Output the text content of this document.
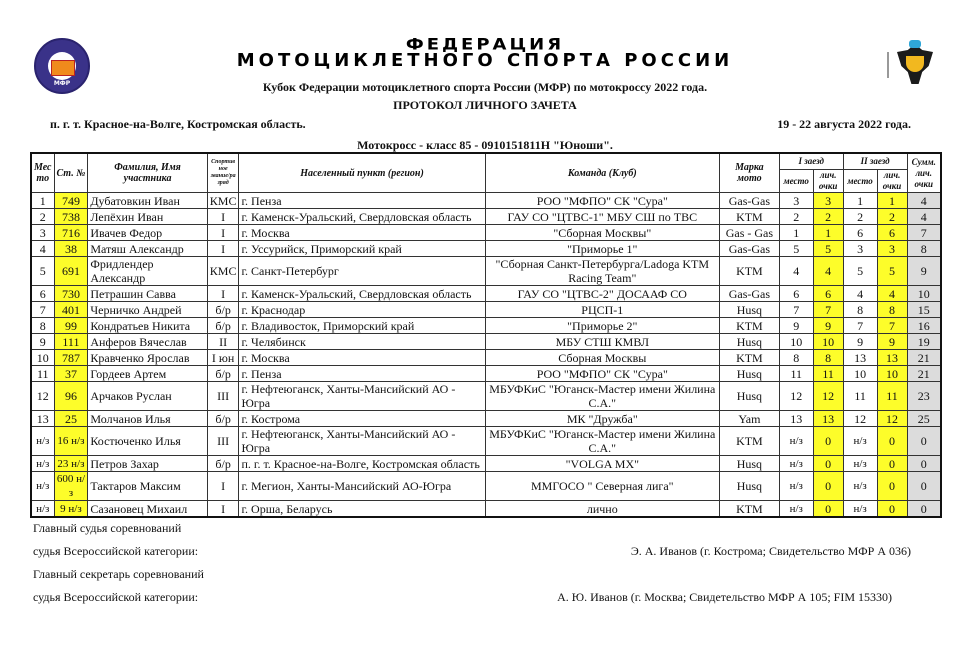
МФР
ФЕДЕРАЦИЯ
МОТОЦИКЛЕТНОГО СПОРТА РОССИИ
Кубок Федерации мотоциклетного спорта России (МФР) по мотокроссу 2022 года.
ПРОТОКОЛ ЛИЧНОГО ЗАЧЕТА
п. г. т. Красное-на-Волге, Костромская область.	19 - 22 августа 2022 года.
Мотокросс - класс 85 - 0910151811Н "Юноши".
Мес то	Ст. №	Фамилия, Имя участника	Спортив ное звание/ра зряд	Населенный пункт (регион)	Команда (Клуб)	Марка мото	I заезд		II заезд		Сумм. лич. очки
							место	лич. очки	место	лич. очки	
1	749	Дубатовкин Иван	КМС	г. Пенза	РОО "МФПО" СК "Сура"	Gas-Gas	3	3	1	1	4
2	738	Лепёхин Иван	I	г. Каменск-Уральский, Свердловская область	ГАУ СО "ЦТВС-1" МБУ СШ по ТВС	KTM	2	2	2	2	4
3	716	Ивачев Федор	I	г. Москва	"Сборная Москвы"	Gas - Gas	1	1	6	6	7
4	38	Матяш Александр	I	г. Уссурийск, Приморский край	"Приморье 1"	Gas-Gas	5	5	3	3	8
5	691	Фридлендер Александр	КМС	г. Санкт-Петербург	"Сборная Санкт-Петербурга/Ladoga KTM Racing Team"	KTM	4	4	5	5	9
6	730	Петрашин Савва	I	г. Каменск-Уральский, Свердловская область	ГАУ СО "ЦТВС-2" ДОСААФ СО	Gas-Gas	6	6	4	4	10
7	401	Черничко Андрей	б/р	г. Краснодар	РЦСП-1	Husq	7	7	8	8	15
8	99	Кондратьев Никита	б/р	г. Владивосток, Приморский край	"Приморье 2"	KTM	9	9	7	7	16
9	111	Анферов Вячеслав	II	г. Челябинск	МБУ СТШ КМВЛ	Husq	10	10	9	9	19
10	787	Кравченко Ярослав	I юн	г. Москва	Сборная Москвы	KTM	8	8	13	13	21
11	37	Гордеев Артем	б/р	г. Пенза	РОО "МФПО" СК "Сура"	Husq	11	11	10	10	21
12	96	Арчаков Руслан	III	г. Нефтеюганск, Ханты-Мансийский АО - Югра	МБУФКиС "Юганск-Мастер имени Жилина С.А."	Husq	12	12	11	11	23
13	25	Молчанов Илья	б/р	г. Кострома	МК "Дружба"	Yam	13	13	12	12	25
н/з	16 н/з	Костюченко Илья	III	г. Нефтеюганск, Ханты-Мансийский АО - Югра	МБУФКиС "Юганск-Мастер имени Жилина С.А."	KTM	н/з	0	н/з	0	0
н/з	23 н/з	Петров Захар	б/р	п. г. т. Красное-на-Волге, Костромская область	"VOLGA MX"	Husq	н/з	0	н/з	0	0
н/з	600 н/з	Тактаров Максим	I	г. Мегион, Ханты-Мансийский АО-Югра	ММГОСО " Северная лига"	Husq	н/з	0	н/з	0	0
н/з	9 н/з	Сазановец Михаил	I	г. Орша, Беларусь	лично	KTM	н/з	0	н/з	0	0
Главный судья соревнований
судья Всероссийской категории:	Э. А. Иванов (г. Кострома; Свидетельство МФР А 036)
Главный секретарь соревнований
судья Всероссийской категории:	А. Ю. Иванов (г. Москва; Свидетельство МФР А 105; FIM 15330)
